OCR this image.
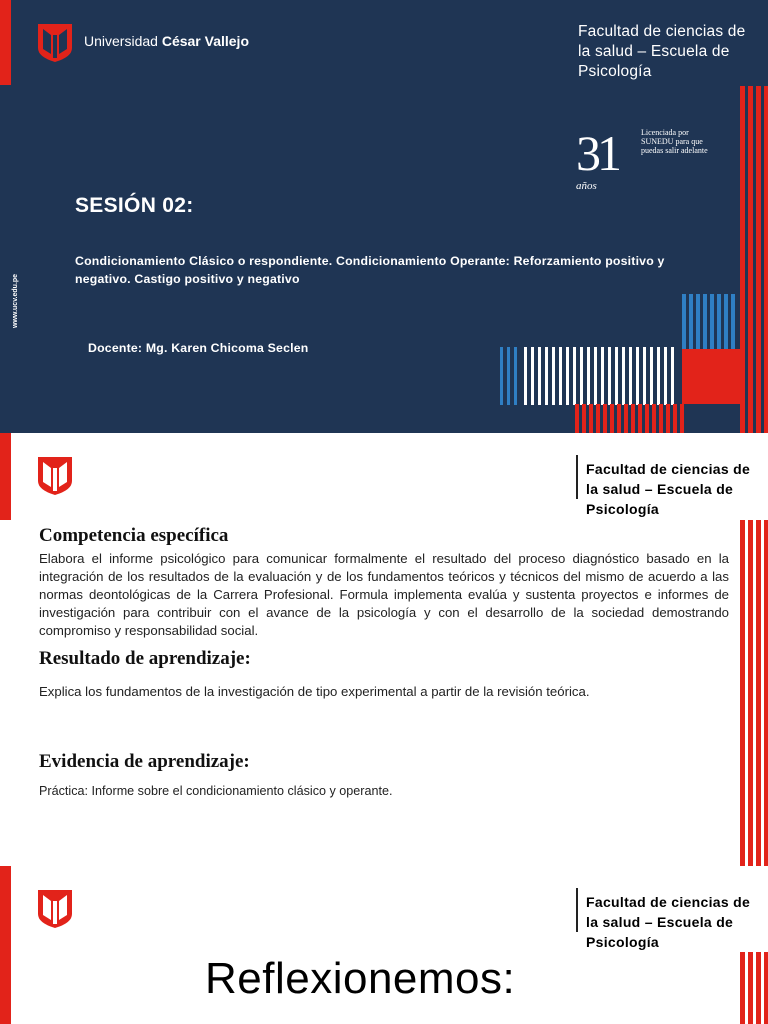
Universidad César Vallejo
Facultad de ciencias de la salud – Escuela de Psicología
www.ucv.edu.pe
31
años
Licenciada por SUNEDU para que puedas salir adelante
SESIÓN 02:
Condicionamiento Clásico o respondiente. Condicionamiento Operante: Reforzamiento positivo y negativo. Castigo positivo y negativo
Docente: Mg. Karen Chicoma Seclen
Facultad de ciencias de la salud – Escuela de Psicología
Competencia específica
Elabora el informe psicológico para comunicar formalmente el resultado del proceso diagnóstico basado en la integración de los resultados de la evaluación y de los fundamentos teóricos y técnicos del mismo de acuerdo a las normas deontológicas de la Carrera Profesional. Formula implementa evalúa y sustenta proyectos e informes de investigación para contribuir con el avance de la psicología y con el desarrollo de la sociedad demostrando compromiso y responsabilidad social.
Resultado de aprendizaje:
Explica los fundamentos de la investigación de tipo experimental a partir de la revisión teórica.
Evidencia de aprendizaje:
Práctica: Informe sobre el condicionamiento clásico y operante.
Facultad de ciencias de la salud – Escuela de Psicología
Reflexionemos:
